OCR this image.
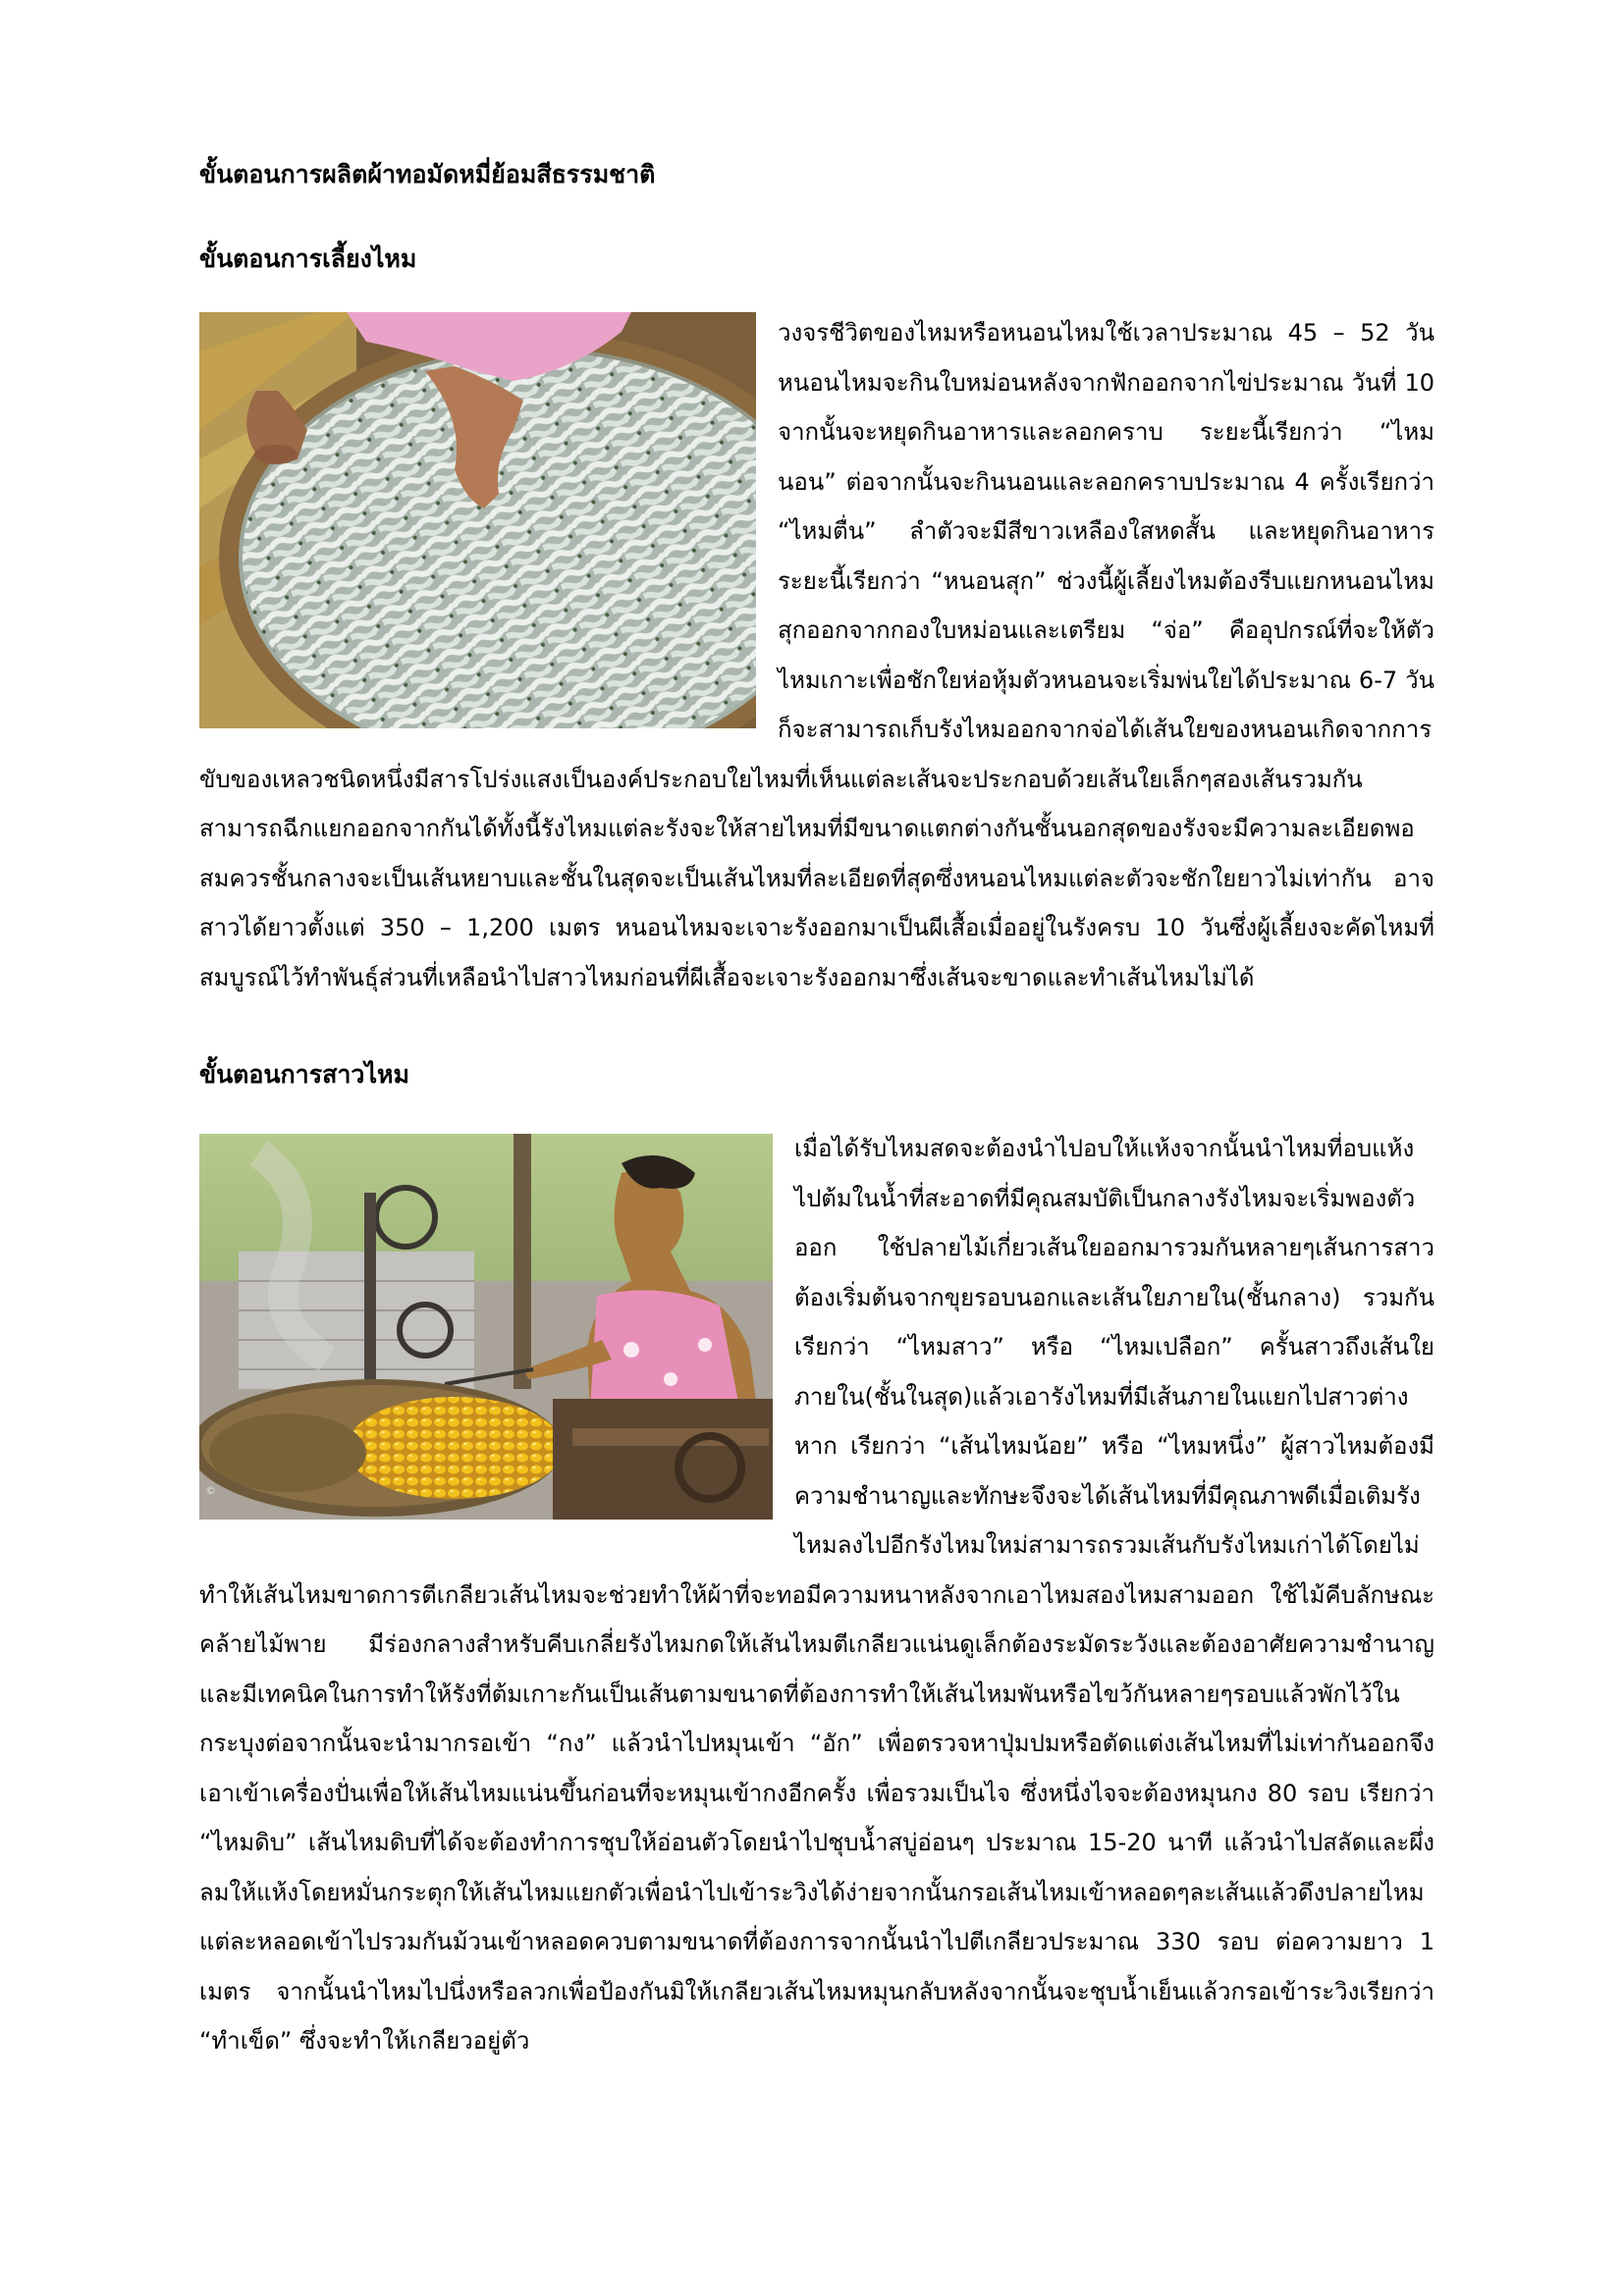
ขั้นตอนการผลิตผ้าทอมัดหมี่ย้อมสีธรรมชาติ
ขั้นตอนการเลี้ยงไหม
วงจรชีวิตของไหมหรือหนอนไหมใช้เวลาประมาณ 45 – 52 วันหนอนไหมจะกินใบหม่อนหลังจากฟักออกจากไข่ประมาณ วันที่ 10 จากนั้นจะหยุดกินอาหารและลอกคราบ ระยะนี้เรียกว่า “ไหมนอน” ต่อจากนั้นจะกินนอนและลอกคราบประมาณ 4 ครั้งเรียกว่า “ไหมตื่น” ลำตัวจะมีสีขาวเหลืองใสหดสั้น และหยุดกินอาหาร ระยะนี้เรียกว่า “หนอนสุก” ช่วงนี้ผู้เลี้ยงไหมต้องรีบแยกหนอนไหมสุกออกจากกองใบหม่อนและเตรียม “จ่อ” คืออุปกรณ์ที่จะให้ตัวไหมเกาะเพื่อชักใยห่อหุ้มตัวหนอนจะเริ่มพ่นใยได้ประมาณ 6-7 วัน ก็จะสามารถเก็บรังไหมออกจากจ่อได้เส้นใยของหนอนเกิดจากการขับของเหลวชนิดหนึ่งมีสารโปร่งแสงเป็นองค์ประกอบใยไหมที่เห็นแต่ละเส้นจะประกอบด้วยเส้นใยเล็กๆสองเส้นรวมกันสามารถฉีกแยกออกจากกันได้ทั้งนี้รังไหมแต่ละรังจะให้สายไหมที่มีขนาดแตกต่างกันชั้นนอกสุดของรังจะมีความละเอียดพอสมควรชั้นกลางจะเป็นเส้นหยาบและชั้นในสุดจะเป็นเส้นไหมที่ละเอียดที่สุดซึ่งหนอนไหมแต่ละตัวจะชักใยยาวไม่เท่ากัน อาจสาวได้ยาวตั้งแต่ 350 – 1,200 เมตร หนอนไหมจะเจาะรังออกมาเป็นผีเสื้อเมื่ออยู่ในรังครบ 10 วันซึ่งผู้เลี้ยงจะคัดไหมที่สมบูรณ์ไว้ทำพันธุ์ส่วนที่เหลือนำไปสาวไหมก่อนที่ผีเสื้อจะเจาะรังออกมาซึ่งเส้นจะขาดและทำเส้นไหมไม่ได้
ขั้นตอนการสาวไหม
©
เมื่อได้รับไหมสดจะต้องนำไปอบให้แห้งจากนั้นนำไหมที่อบแห้งไปต้มในน้ำที่สะอาดที่มีคุณสมบัติเป็นกลางรังไหมจะเริ่มพองตัวออก ใช้ปลายไม้เกี่ยวเส้นใยออกมารวมกันหลายๆเส้นการสาวต้องเริ่มต้นจากขุยรอบนอกและเส้นใยภายใน(ชั้นกลาง) รวมกันเรียกว่า “ไหมสาว” หรือ “ไหมเปลือก” ครั้นสาวถึงเส้นใยภายใน(ชั้นในสุด)แล้วเอารังไหมที่มีเส้นภายในแยกไปสาวต่างหาก เรียกว่า “เส้นไหมน้อย” หรือ “ไหมหนึ่ง” ผู้สาวไหมต้องมีความชำนาญและทักษะจึงจะได้เส้นไหมที่มีคุณภาพดีเมื่อเติมรังไหมลงไปอีกรังไหมใหม่สามารถรวมเส้นกับรังไหมเก่าได้โดยไม่ทำให้เส้นไหมขาดการตีเกลียวเส้นไหมจะช่วยทำให้ผ้าที่จะทอมีความหนาหลังจากเอาไหมสองไหมสามออก ใช้ไม้คีบลักษณะคล้ายไม้พาย มีร่องกลางสำหรับคีบเกลี่ยรังไหมกดให้เส้นไหมตีเกลียวแน่นดูเล็กต้องระมัดระวังและต้องอาศัยความชำนาญและมีเทคนิคในการทำให้รังที่ต้มเกาะกันเป็นเส้นตามขนาดที่ต้องการทำให้เส้นไหมพันหรือไขว้กันหลายๆรอบแล้วพักไว้ในกระบุงต่อจากนั้นจะนำมากรอเข้า “กง” แล้วนำไปหมุนเข้า “อัก” เพื่อตรวจหาปุ่มปมหรือตัดแต่งเส้นไหมที่ไม่เท่ากันออกจึงเอาเข้าเครื่องปั่นเพื่อให้เส้นไหมแน่นขึ้นก่อนที่จะหมุนเข้ากงอีกครั้ง เพื่อรวมเป็นไจ ซึ่งหนึ่งไจจะต้องหมุนกง 80 รอบ เรียกว่า “ไหมดิบ” เส้นไหมดิบที่ได้จะต้องทำการชุบให้อ่อนตัวโดยนำไปชุบน้ำสบู่อ่อนๆ ประมาณ 15-20 นาที แล้วนำไปสลัดและผึ่งลมให้แห้งโดยหมั่นกระตุกให้เส้นไหมแยกตัวเพื่อนำไปเข้าระวิงได้ง่ายจากนั้นกรอเส้นไหมเข้าหลอดๆละเส้นแล้วดึงปลายไหมแต่ละหลอดเข้าไปรวมกันม้วนเข้าหลอดควบตามขนาดที่ต้องการจากนั้นนำไปตีเกลียวประมาณ 330 รอบ ต่อความยาว 1 เมตร จากนั้นนำไหมไปนึ่งหรือลวกเพื่อป้องกันมิให้เกลียวเส้นไหมหมุนกลับหลังจากนั้นจะชุบน้ำเย็นแล้วกรอเข้าระวิงเรียกว่า “ทำเข็ด” ซึ่งจะทำให้เกลียวอยู่ตัว
